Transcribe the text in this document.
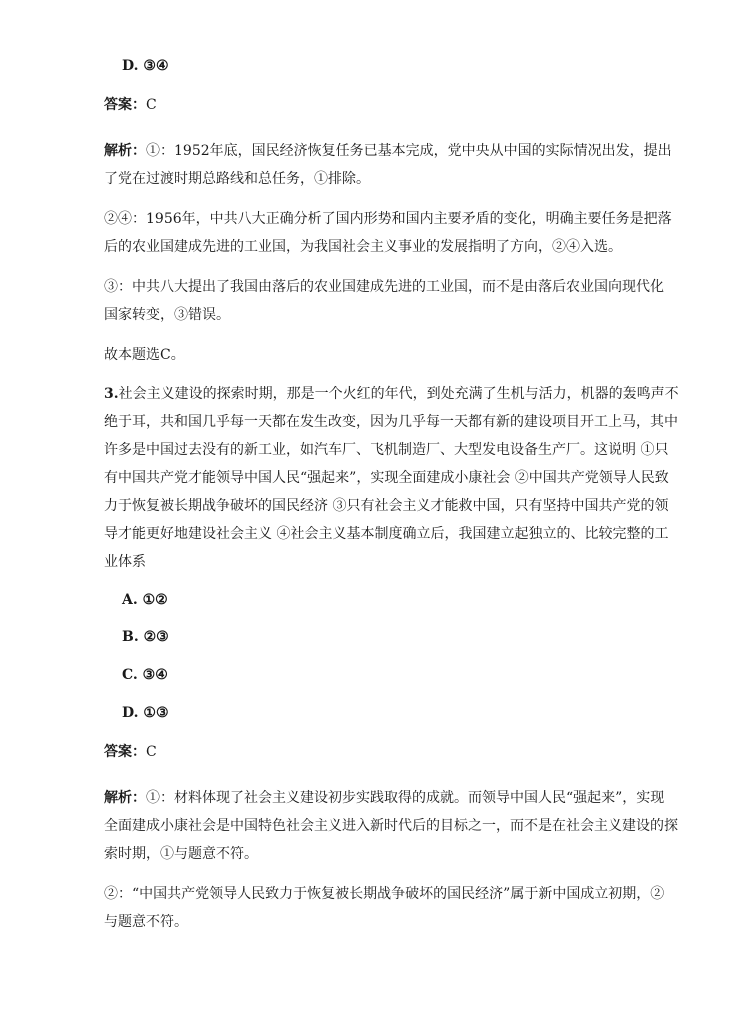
D. ③④
答案：C
解析：①：1952年底，国民经济恢复任务已基本完成，党中央从中国的实际情况出发，提出
了党在过渡时期总路线和总任务，①排除。
②④：1956年，中共八大正确分析了国内形势和国内主要矛盾的变化，明确主要任务是把落
后的农业国建成先进的工业国，为我国社会主义事业的发展指明了方向，②④入选。
③：中共八大提出了我国由落后的农业国建成先进的工业国，而不是由落后农业国向现代化
国家转变，③错误。
故本题选C。
3.社会主义建设的探索时期，那是一个火红的年代，到处充满了生机与活力，机器的轰鸣声不
绝于耳，共和国几乎每一天都在发生改变，因为几乎每一天都有新的建设项目开工上马，其中
许多是中国过去没有的新工业，如汽车厂、飞机制造厂、大型发电设备生产厂。这说明 ①只
有中国共产党才能领导中国人民“强起来”，实现全面建成小康社会 ②中国共产党领导人民致
力于恢复被长期战争破坏的国民经济 ③只有社会主义才能救中国，只有坚持中国共产党的领
导才能更好地建设社会主义 ④社会主义基本制度确立后，我国建立起独立的、比较完整的工
业体系
A. ①②
B. ②③
C. ③④
D. ①③
答案：C
解析：①：材料体现了社会主义建设初步实践取得的成就。而领导中国人民“强起来”，实现
全面建成小康社会是中国特色社会主义进入新时代后的目标之一，而不是在社会主义建设的探
索时期，①与题意不符。
②：“中国共产党领导人民致力于恢复被长期战争破坏的国民经济”属于新中国成立初期，②
与题意不符。
